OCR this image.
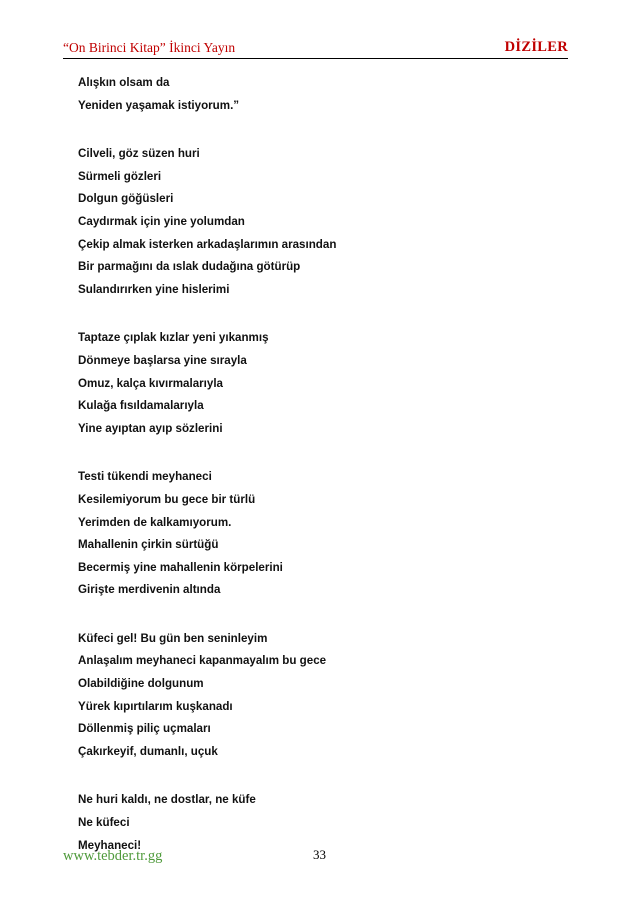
“On Birinci Kitap” İkinci Yayın	DİZİLER
Alışkın olsam da
Yeniden yaşamak istiyorum.”
Cilveli, göz süzen huri
Sürmeli gözleri
Dolgun göğüsleri
Caydırmak için yine yolumdan
Çekip almak isterken arkadaşlarımın arasından
Bir parmağını da ıslak dudağına götürüp
Sulandırırken yine hislerimi
Taptaze çıplak kızlar yeni yıkanmış
Dönmeye başlarsa yine sırayla
Omuz, kalça kıvırmalarıyla
Kulağa fısıldamalarıyla
Yine ayıptan ayıp sözlerini
Testi tükendi meyhaneci
Kesilemiyorum bu gece bir türlü
Yerimden de kalkamıyorum.
Mahallenin çirkin sürtüğü
Becermiş yine mahallenin körpelerini
Girişte merdivenin altında
Küfeci gel! Bu gün ben seninleyim
Anlaşalım meyhaneci kapanmayalım bu gece
Olabildiğine dolgunum
Yürek kıpırtılarım kuşkanadı
Döllenmiş piliç uçmaları
Çakırkeyif, dumanlı, uçuk
Ne huri kaldı, ne dostlar, ne küfe
Ne küfeci
Meyhaneci!
www.tebder.tr.gg	33
